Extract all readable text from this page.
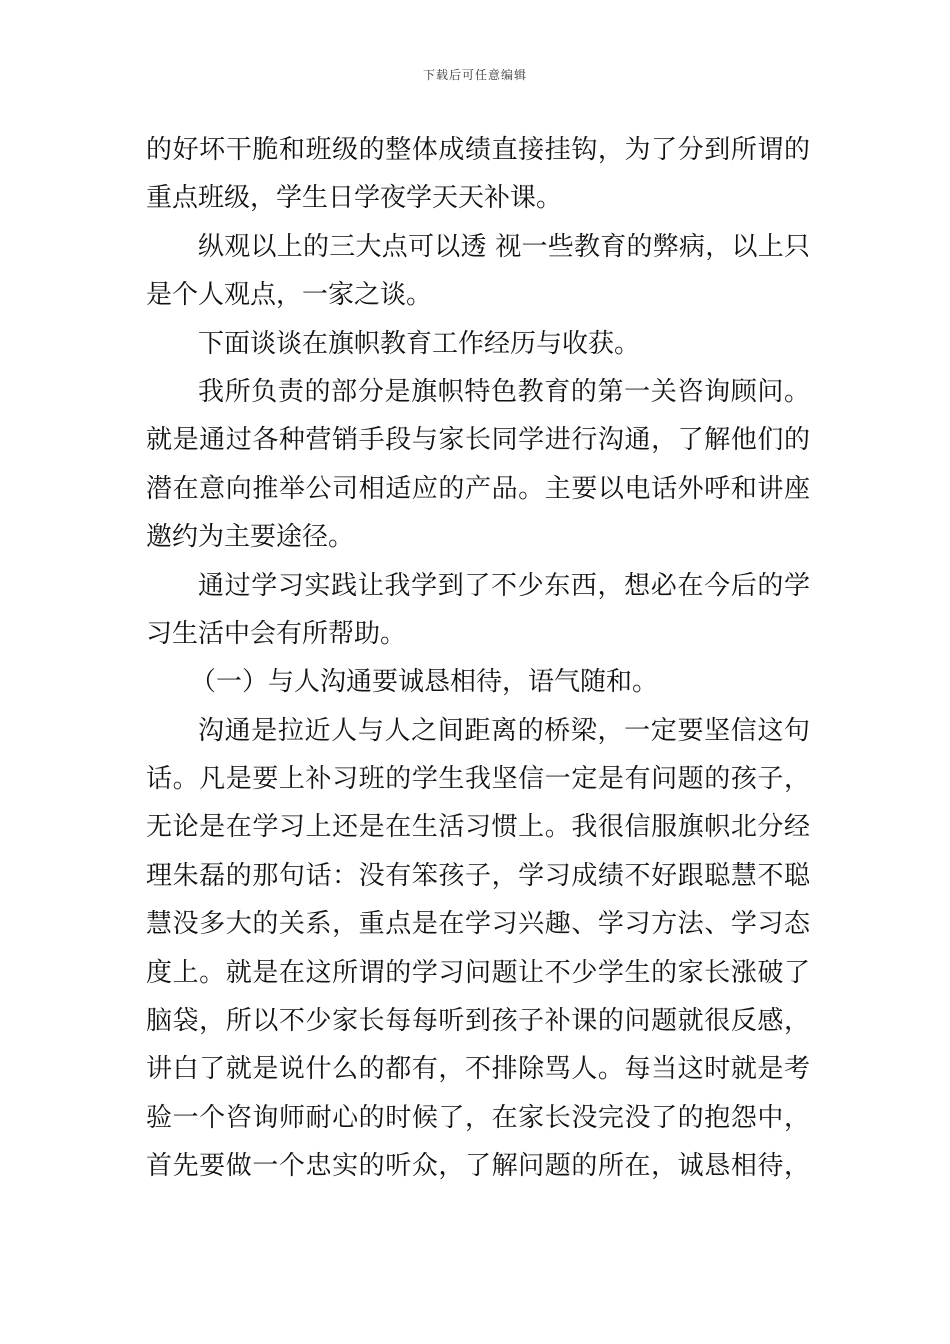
下载后可任意编辑
的好坏干脆和班级的整体成绩直接挂钩，为了分到所谓的
重点班级，学生日学夜学天天补课。
纵观以上的三大点可以透 视一些教育的弊病，以上只
是个人观点，一家之谈。
下面谈谈在旗帜教育工作经历与收获。
我所负责的部分是旗帜特色教育的第一关咨询顾问。
就是通过各种营销手段与家长同学进行沟通，了解他们的
潜在意向推举公司相适应的产品。主要以电话外呼和讲座
邀约为主要途径。
通过学习实践让我学到了不少东西，想必在今后的学
习生活中会有所帮助。
（一）与人沟通要诚恳相待，语气随和。
沟通是拉近人与人之间距离的桥梁，一定要坚信这句
话。凡是要上补习班的学生我坚信一定是有问题的孩子，
无论是在学习上还是在生活习惯上。我很信服旗帜北分经
理朱磊的那句话：没有笨孩子，学习成绩不好跟聪慧不聪
慧没多大的关系，重点是在学习兴趣、学习方法、学习态
度上。就是在这所谓的学习问题让不少学生的家长涨破了
脑袋，所以不少家长每每听到孩子补课的问题就很反感，
讲白了就是说什么的都有，不排除骂人。每当这时就是考
验一个咨询师耐心的时候了，在家长没完没了的抱怨中，
首先要做一个忠实的听众，了解问题的所在，诚恳相待，
